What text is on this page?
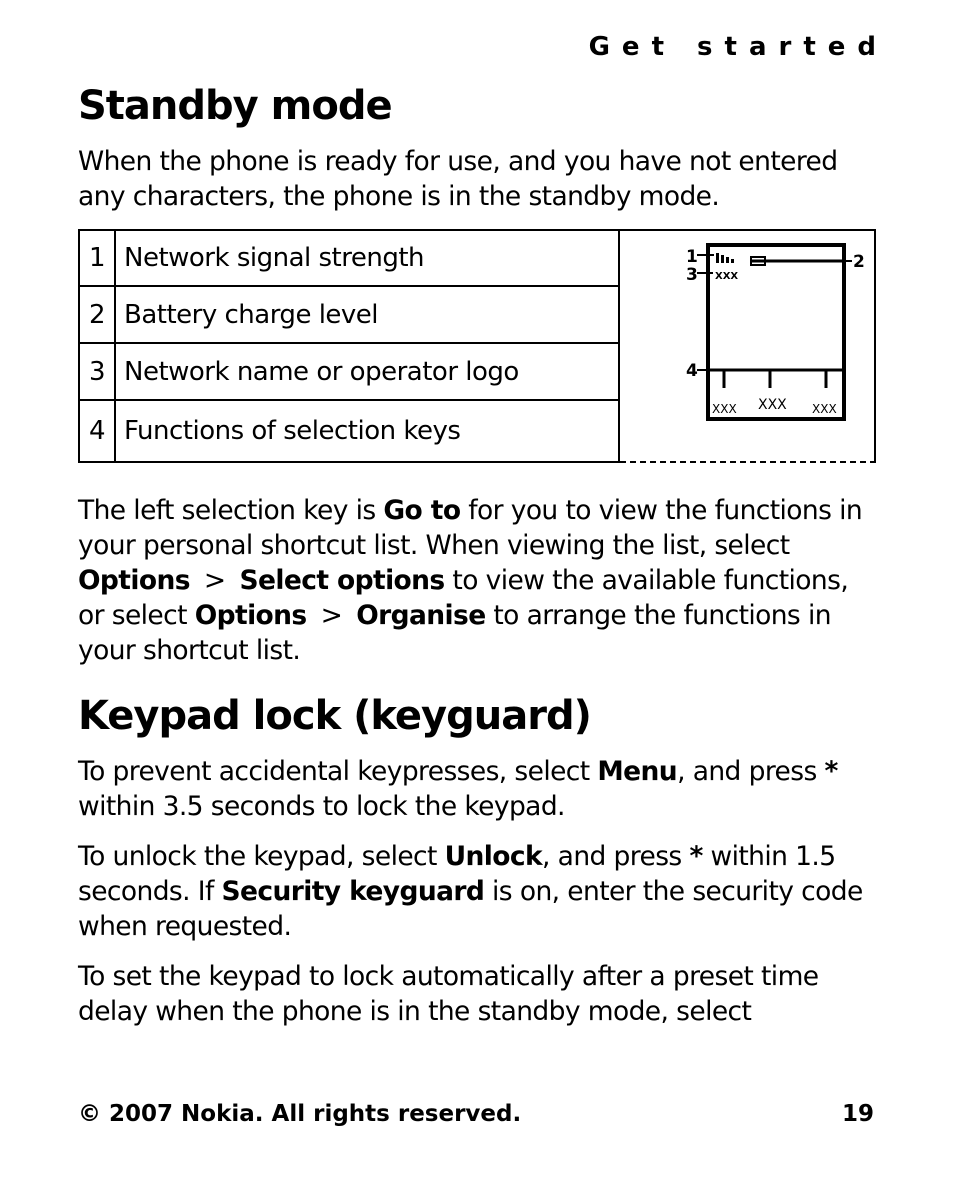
Get started
Standby mode

When the phone is ready for use, and you have not entered any characters, the phone is in the standby mode.

1	Network signal strength
2	Battery charge level
3	Network name or operator logo
4	Functions of selection keys
1	2
3
4
XXX
XXX XXX XXX

The left selection key is Go to for you to view the functions in your personal shortcut list. When viewing the list, select Options > Select options to view the available functions, or select Options > Organise to arrange the functions in your shortcut list.

Keypad lock (keyguard)

To prevent accidental keypresses, select Menu, and press * within 3.5 seconds to lock the keypad.

To unlock the keypad, select Unlock, and press * within 1.5 seconds. If Security keyguard is on, enter the security code when requested.

To set the keypad to lock automatically after a preset time delay when the phone is in the standby mode, select

© 2007 Nokia. All rights reserved.	19
